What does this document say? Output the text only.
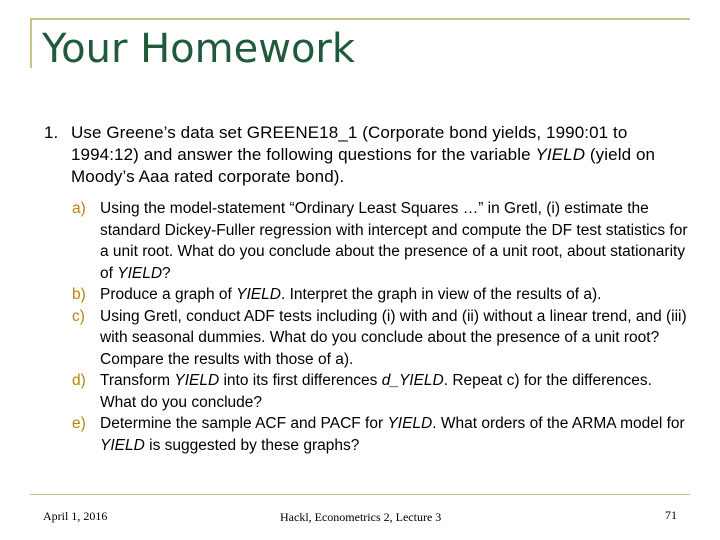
Your Homework
1. Use Greene’s data set GREENE18_1 (Corporate bond yields, 1990:01 to 1994:12) and answer the following questions for the variable YIELD (yield on Moody’s Aaa rated corporate bond).
a) Using the model-statement “Ordinary Least Squares …” in Gretl, (i) estimate the standard Dickey-Fuller regression with intercept and compute the DF test statistics for a unit root. What do you conclude about the presence of a unit root, about stationarity of YIELD?
b) Produce a graph of YIELD. Interpret the graph in view of the results of a).
c) Using Gretl, conduct ADF tests including (i) with and (ii) without a linear trend, and (iii) with seasonal dummies. What do you conclude about the presence of a unit root? Compare the results with those of a).
d) Transform YIELD into its first differences d_YIELD. Repeat c) for the differences. What do you conclude?
e) Determine the sample ACF and PACF for YIELD. What orders of the ARMA model for YIELD is suggested by these graphs?
April 1, 2016	Hackl, Econometrics 2, Lecture 3	71
